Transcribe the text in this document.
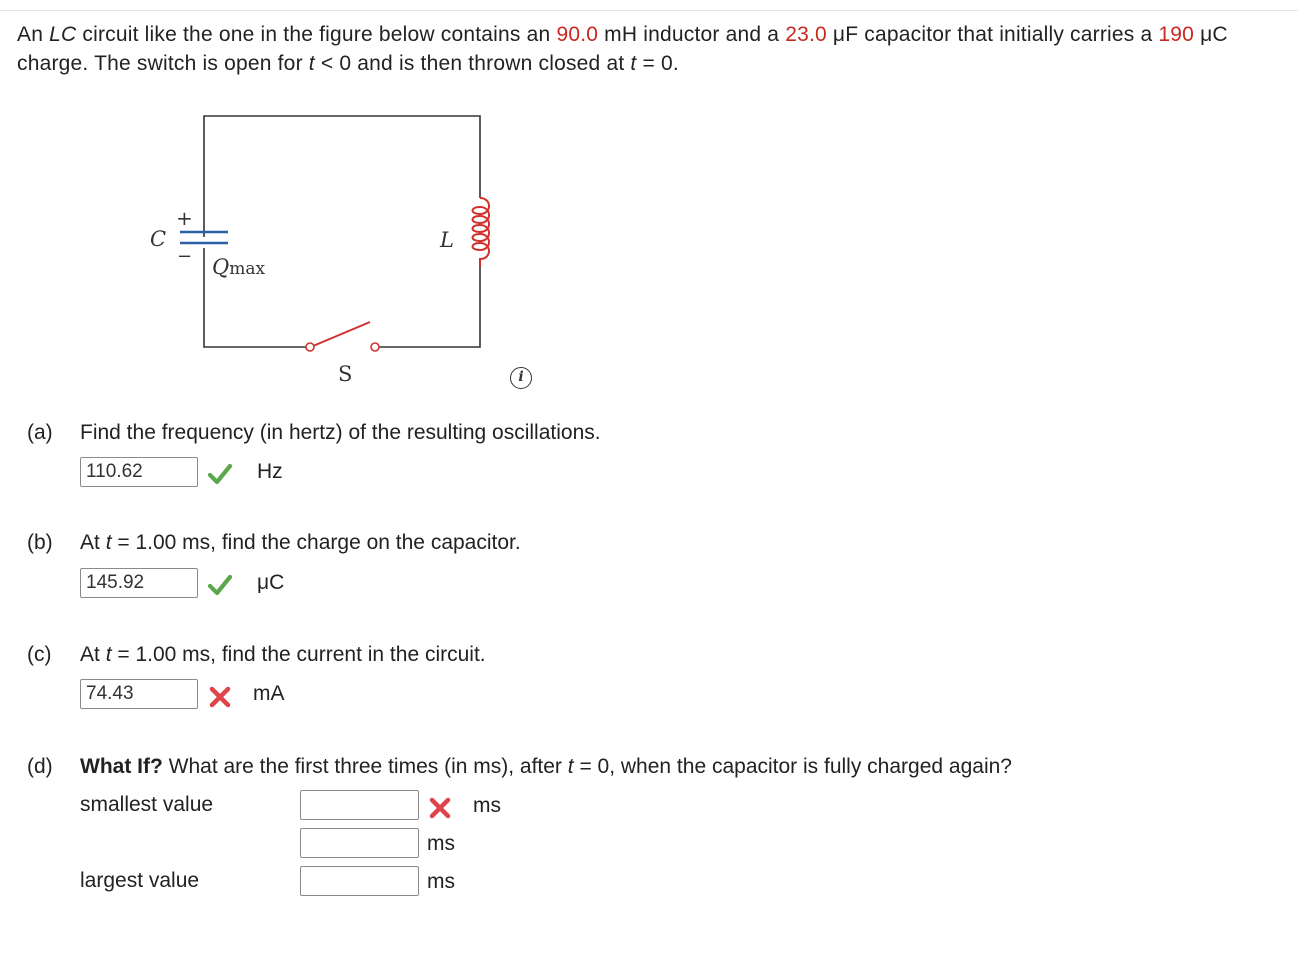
An LC circuit like the one in the figure below contains an 90.0 mH inductor and a 23.0 μF capacitor that initially carries a 190 μC charge. The switch is open for t < 0 and is then thrown closed at t = 0.
+
−
C
Qmax
L
S	i
(a) Find the frequency (in hertz) of the resulting oscillations.
110.62
Hz
(b) At t = 1.00 ms, find the charge on the capacitor.
145.92
μC
(c) At t = 1.00 ms, find the current in the circuit.
74.43
mA
(d) What If? What are the first three times (in ms), after t = 0, when the capacitor is fully charged again?
smallest value	ms
ms
largest value	ms
